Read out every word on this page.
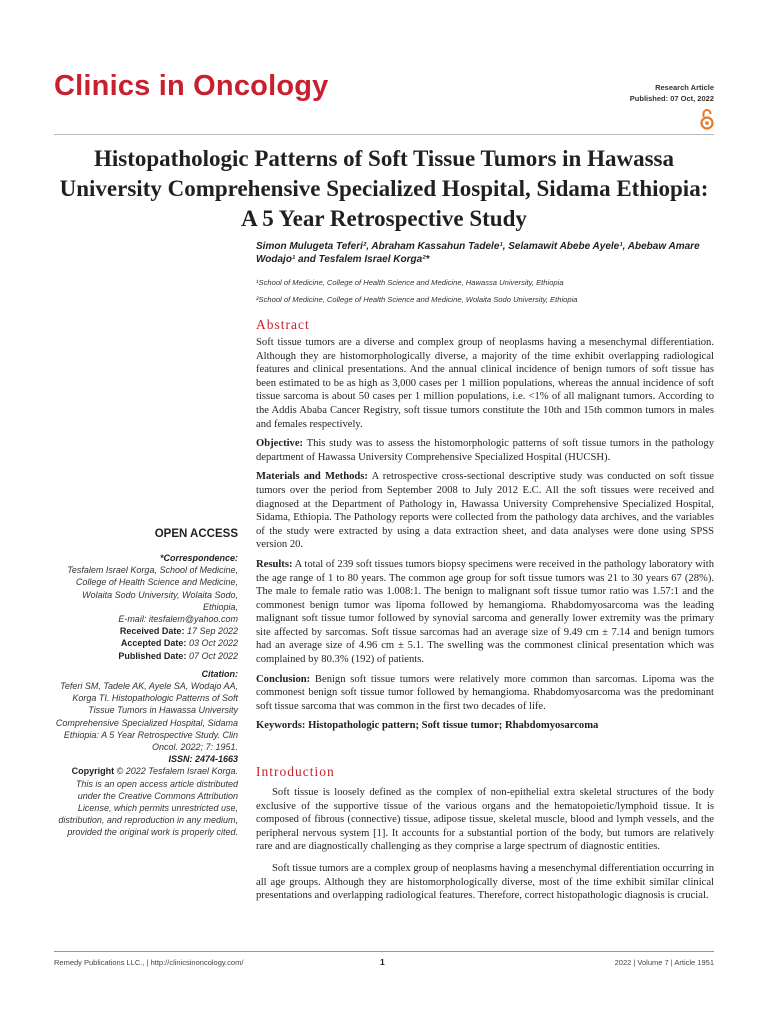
Clinics in Oncology	Research Article
Published: 07 Oct, 2022
Histopathologic Patterns of Soft Tissue Tumors in Hawassa University Comprehensive Specialized Hospital, Sidama Ethiopia: A 5 Year Retrospective Study
Simon Mulugeta Teferi², Abraham Kassahun Tadele¹, Selamawit Abebe Ayele¹, Abebaw Amare Wodajo¹ and Tesfalem Israel Korga²*
¹School of Medicine, College of Health Science and Medicine, Hawassa University, Ethiopia
²School of Medicine, College of Health Science and Medicine, Wolaita Sodo University, Ethiopia
Abstract

Soft tissue tumors are a diverse and complex group of neoplasms having a mesenchymal differentiation. Although they are histomorphologically diverse, a majority of the time exhibit overlapping radiological features and clinical presentations. And the annual clinical incidence of benign tumors of soft tissue has been estimated to be as high as 3,000 cases per 1 million populations, whereas the annual incidence of soft tissue sarcoma is about 50 cases per 1 million populations, i.e. <1% of all malignant tumors. According to the Addis Ababa Cancer Registry, soft tissue tumors constitute the 10th and 15th common tumors in males and females respectively.

Objective: This study was to assess the histomorphologic patterns of soft tissue tumors in the pathology department of Hawassa University Comprehensive Specialized Hospital (HUCSH).

Materials and Methods: A retrospective cross-sectional descriptive study was conducted on soft tissue tumors over the period from September 2008 to July 2012 E.C. All the soft tissues were received and diagnosed at the Department of Pathology in, Hawassa University Comprehensive Specialized Hospital, Sidama, Ethiopia. The Pathology reports were collected from the pathology data archives, and the variables of the study were extracted by using a data extraction sheet, and data analyses were done using SPSS version 20.

Results: A total of 239 soft tissues tumors biopsy specimens were received in the pathology laboratory with the age range of 1 to 80 years. The common age group for soft tissue tumors was 21 to 30 years 67 (28%). The male to female ratio was 1.008:1. The benign to malignant soft tissue tumor ratio was 1.57:1 and the commonest benign tumor was lipoma followed by hemangioma. Rhabdomyosarcoma was the leading malignant soft tissue tumor followed by synovial sarcoma and generally lower extremity was the primary site affected by sarcomas. Soft tissue sarcomas had an average size of 9.49 cm ± 7.14 and benign tumors had an average size of 4.96 cm ± 5.1. The swelling was the commonest clinical presentation which was complained by 80.3% (192) of patients.

Conclusion: Benign soft tissue tumors were relatively more common than sarcomas. Lipoma was the commonest benign soft tissue tumor followed by hemangioma. Rhabdomyosarcoma was the predominant soft tissue sarcoma that was common in the first two decades of life.

Keywords: Histopathologic pattern; Soft tissue tumor; Rhabdomyosarcoma

Introduction

Soft tissue is loosely defined as the complex of non-epithelial extra skeletal structures of the body exclusive of the supportive tissue of the various organs and the hematopoietic/lymphoid tissue. It is composed of fibrous (connective) tissue, adipose tissue, skeletal muscle, blood and lymph vessels, and the peripheral nervous system [1]. It accounts for a substantial portion of the body, but tumors are relatively rare and are diagnostically challenging as they comprise a large spectrum of diagnostic entities.

Soft tissue tumors are a complex group of neoplasms having a mesenchymal differentiation occurring in all age groups. Although they are histomorphologically diverse, most of the time exhibit similar clinical presentations and overlapping radiological features. Therefore, correct histopathologic diagnosis is crucial.

OPEN ACCESS
*Correspondence:
Tesfalem Israel Korga, School of Medicine, College of Health Science and Medicine, Wolaita Sodo University, Wolaita Sodo, Ethiopia,
E-mail: itesfalem@yahoo.com
Received Date: 17 Sep 2022
Accepted Date: 03 Oct 2022
Published Date: 07 Oct 2022
Citation:
Teferi SM, Tadele AK, Ayele SA, Wodajo AA, Korga TI. Histopathologic Patterns of Soft Tissue Tumors in Hawassa University Comprehensive Specialized Hospital, Sidama Ethiopia: A 5 Year Retrospective Study. Clin Oncol. 2022; 7: 1951.
ISSN: 2474-1663
Copyright © 2022 Tesfalem Israel Korga. This is an open access article distributed under the Creative Commons Attribution License, which permits unrestricted use, distribution, and reproduction in any medium, provided the original work is properly cited.
Remedy Publications LLC., | http://clinicsinoncology.com/	1	2022 | Volume 7 | Article 1951
